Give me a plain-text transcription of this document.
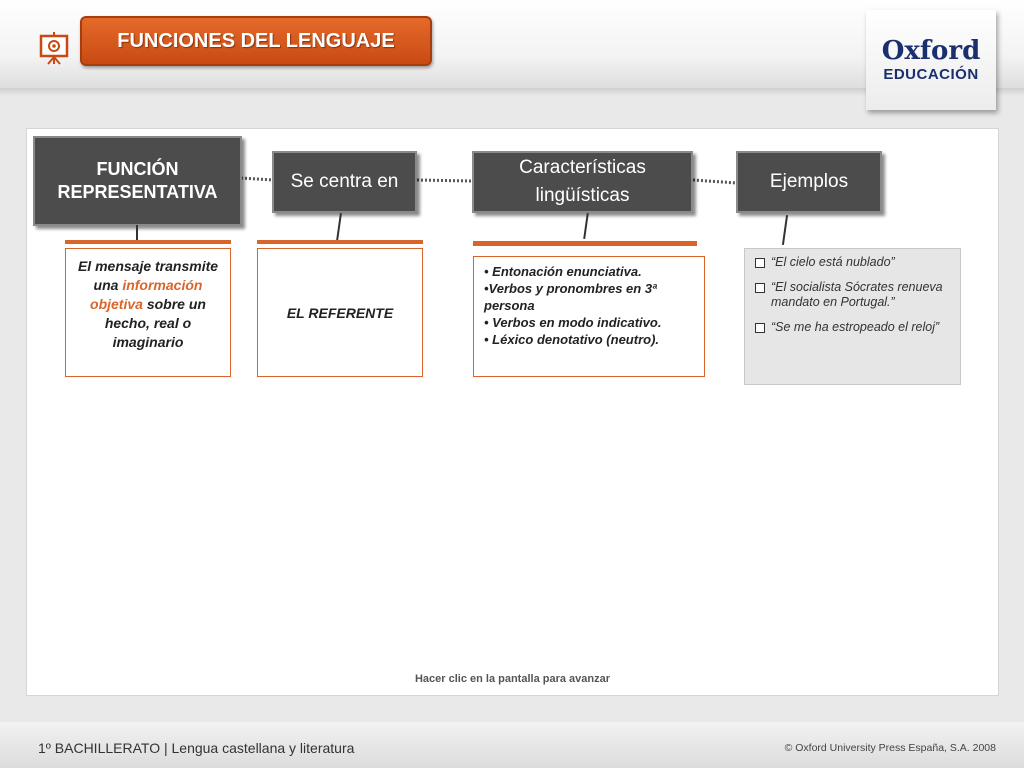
FUNCIONES DEL LENGUAJE	Oxford
EDUCACIÓN
FUNCIÓN
REPRESENTATIVA
El mensaje transmite una información objetiva sobre un hecho, real o imaginario
Se centra en
EL REFERENTE
Características
lingüísticas
• Entonación enunciativa.
•Verbos y pronombres en 3ª persona
• Verbos en modo indicativo.
• Léxico denotativo (neutro).
Ejemplos
“El cielo está nublado”
“El socialista Sócrates renueva mandato en Portugal.”
“Se me ha estropeado el reloj”
Hacer clic en la pantalla para avanzar
1º BACHILLERATO | Lengua castellana y literatura	© Oxford University Press España, S.A. 2008
